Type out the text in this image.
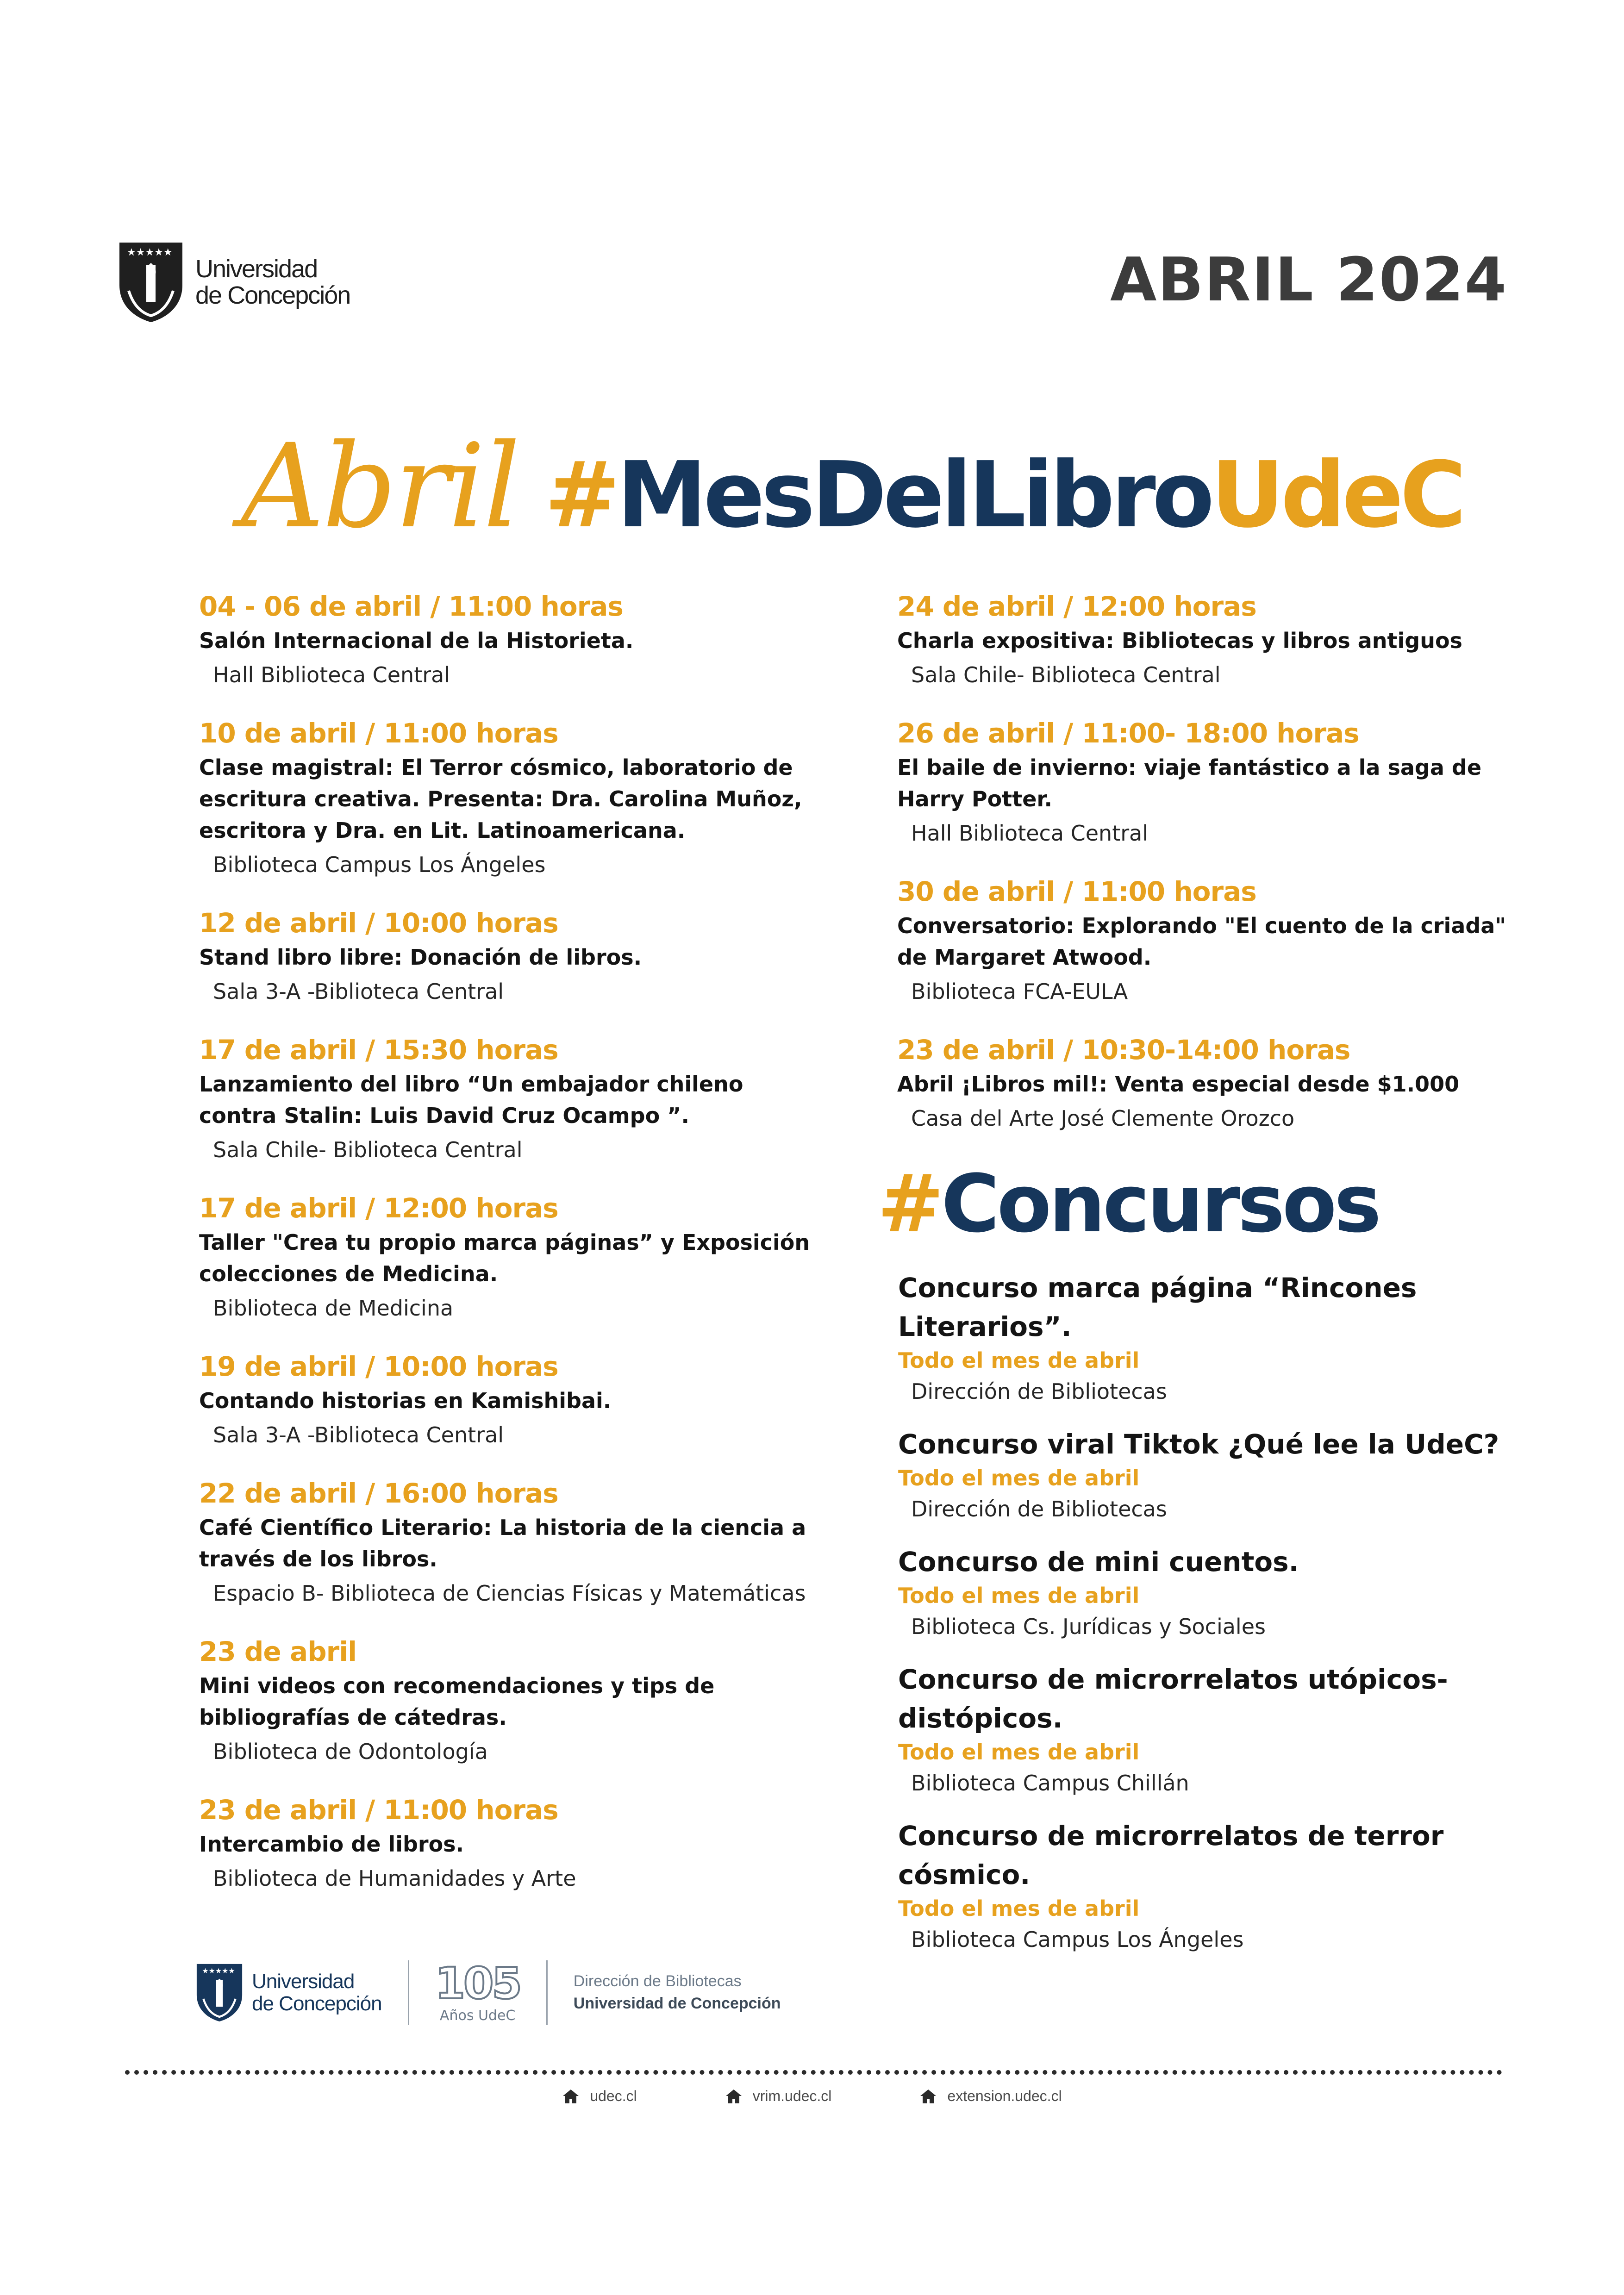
★★★★★
Universidad
de Concepción	ABRIL 2024
Abril # MesDelLibro UdeC
04 - 06 de abril / 11:00 horas
Salón Internacional de la Historieta.
Hall Biblioteca Central
10 de abril / 11:00 horas
Clase magistral: El Terror cósmico, laboratorio de escritura creativa. Presenta: Dra. Carolina Muñoz, escritora y Dra. en Lit. Latinoamericana.
Biblioteca Campus Los Ángeles
12 de abril / 10:00 horas
Stand libro libre: Donación de libros.
Sala 3-A -Biblioteca Central
17 de abril / 15:30 horas
Lanzamiento del libro “Un embajador chileno contra Stalin: Luis David Cruz Ocampo ”.
Sala Chile- Biblioteca Central
17 de abril / 12:00 horas
Taller "Crea tu propio marca páginas” y Exposición colecciones de Medicina.
Biblioteca de Medicina
19 de abril / 10:00 horas
Contando historias en Kamishibai.
Sala 3-A -Biblioteca Central
22 de abril / 16:00 horas
Café Científico Literario: La historia de la ciencia a través de los libros.
Espacio B- Biblioteca de Ciencias Físicas y Matemáticas
23 de abril
Mini videos con recomendaciones y tips de bibliografías de cátedras.
Biblioteca de Odontología
23 de abril / 11:00 horas
Intercambio de libros.
Biblioteca de Humanidades y Arte
24 de abril / 12:00 horas
Charla expositiva: Bibliotecas y libros antiguos
Sala Chile- Biblioteca Central
26 de abril / 11:00- 18:00 horas
El baile de invierno: viaje fantástico a la saga de Harry Potter.
Hall Biblioteca Central
30 de abril / 11:00 horas
Conversatorio: Explorando "El cuento de la criada" de Margaret Atwood.
Biblioteca FCA-EULA
23 de abril / 10:30-14:00 horas
Abril ¡Libros mil!: Venta especial desde $1.000
Casa del Arte José Clemente Orozco
#Concursos
Concurso marca página “Rincones Literarios”.
Todo el mes de abril
Dirección de Bibliotecas
Concurso viral Tiktok ¿Qué lee la UdeC?
Todo el mes de abril
Dirección de Bibliotecas
Concurso de mini cuentos.
Todo el mes de abril
Biblioteca Cs. Jurídicas y Sociales
Concurso de microrrelatos utópicos-distópicos.
Todo el mes de abril
Biblioteca Campus Chillán
Concurso de microrrelatos de terror cósmico.
Todo el mes de abril
Biblioteca Campus Los Ángeles
★★★★★ Universidad
de Concepción 105
Años UdeC
Dirección de Bibliotecas
Universidad de Concepción
udec.cl	vrim.udec.cl	extension.udec.cl
